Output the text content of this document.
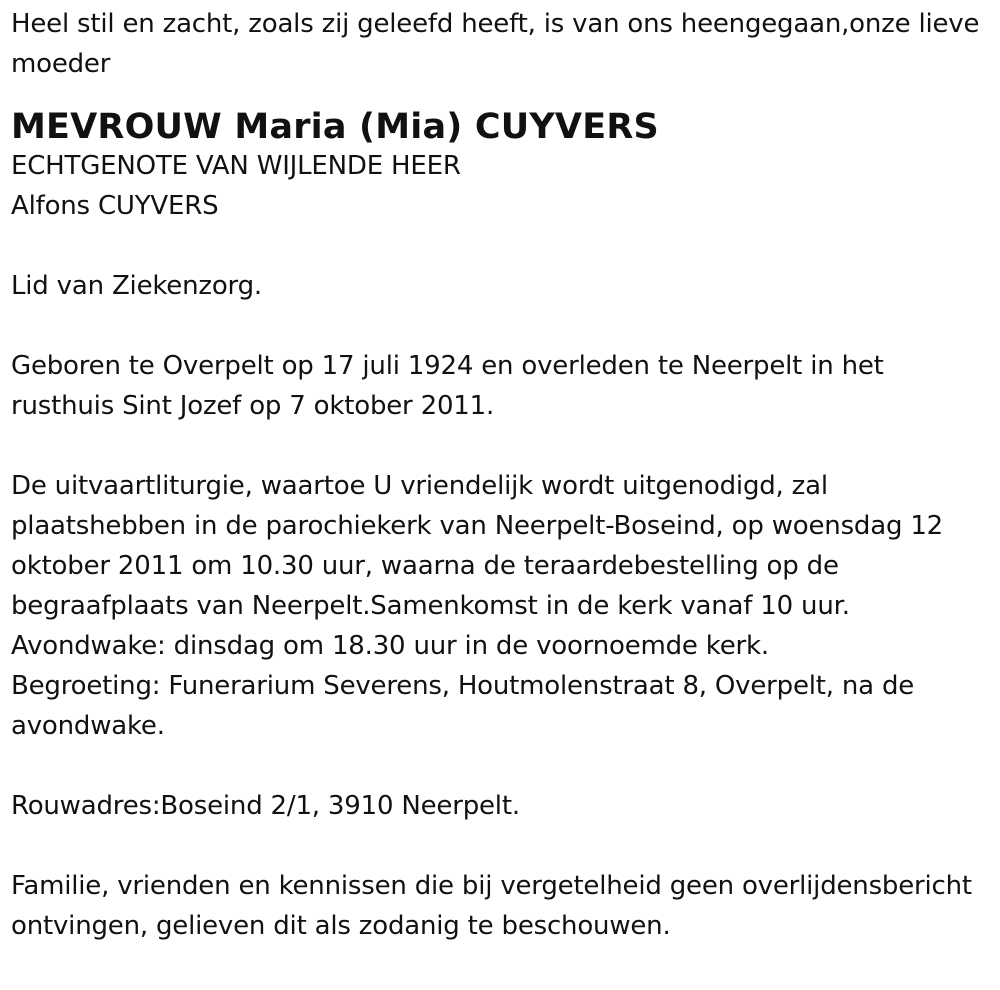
Heel stil en zacht, zoals zij geleefd heeft, is van ons heengegaan,onze lieve moeder

MEVROUW Maria (Mia) CUYVERS

ECHTGENOTE VAN WIJLENDE HEER

Alfons CUYVERS

Lid van Ziekenzorg.

Geboren te Overpelt op 17 juli 1924 en overleden te Neerpelt in het rusthuis Sint Jozef op 7 oktober 2011.

De uitvaartliturgie, waartoe U vriendelijk wordt uitgenodigd, zal plaatshebben in de parochiekerk van Neerpelt-Boseind, op woensdag 12 oktober 2011 om 10.30 uur, waarna de teraardebestelling op de begraafplaats van Neerpelt.Samenkomst in de kerk vanaf 10 uur.

Avondwake: dinsdag om 18.30 uur in de voornoemde kerk.

Begroeting: Funerarium Severens, Houtmolenstraat 8, Overpelt, na de avondwake.

Rouwadres:Boseind 2/1, 3910 Neerpelt.

Familie, vrienden en kennissen die bij vergetelheid geen overlijdensbericht ontvingen, gelieven dit als zodanig te beschouwen.
